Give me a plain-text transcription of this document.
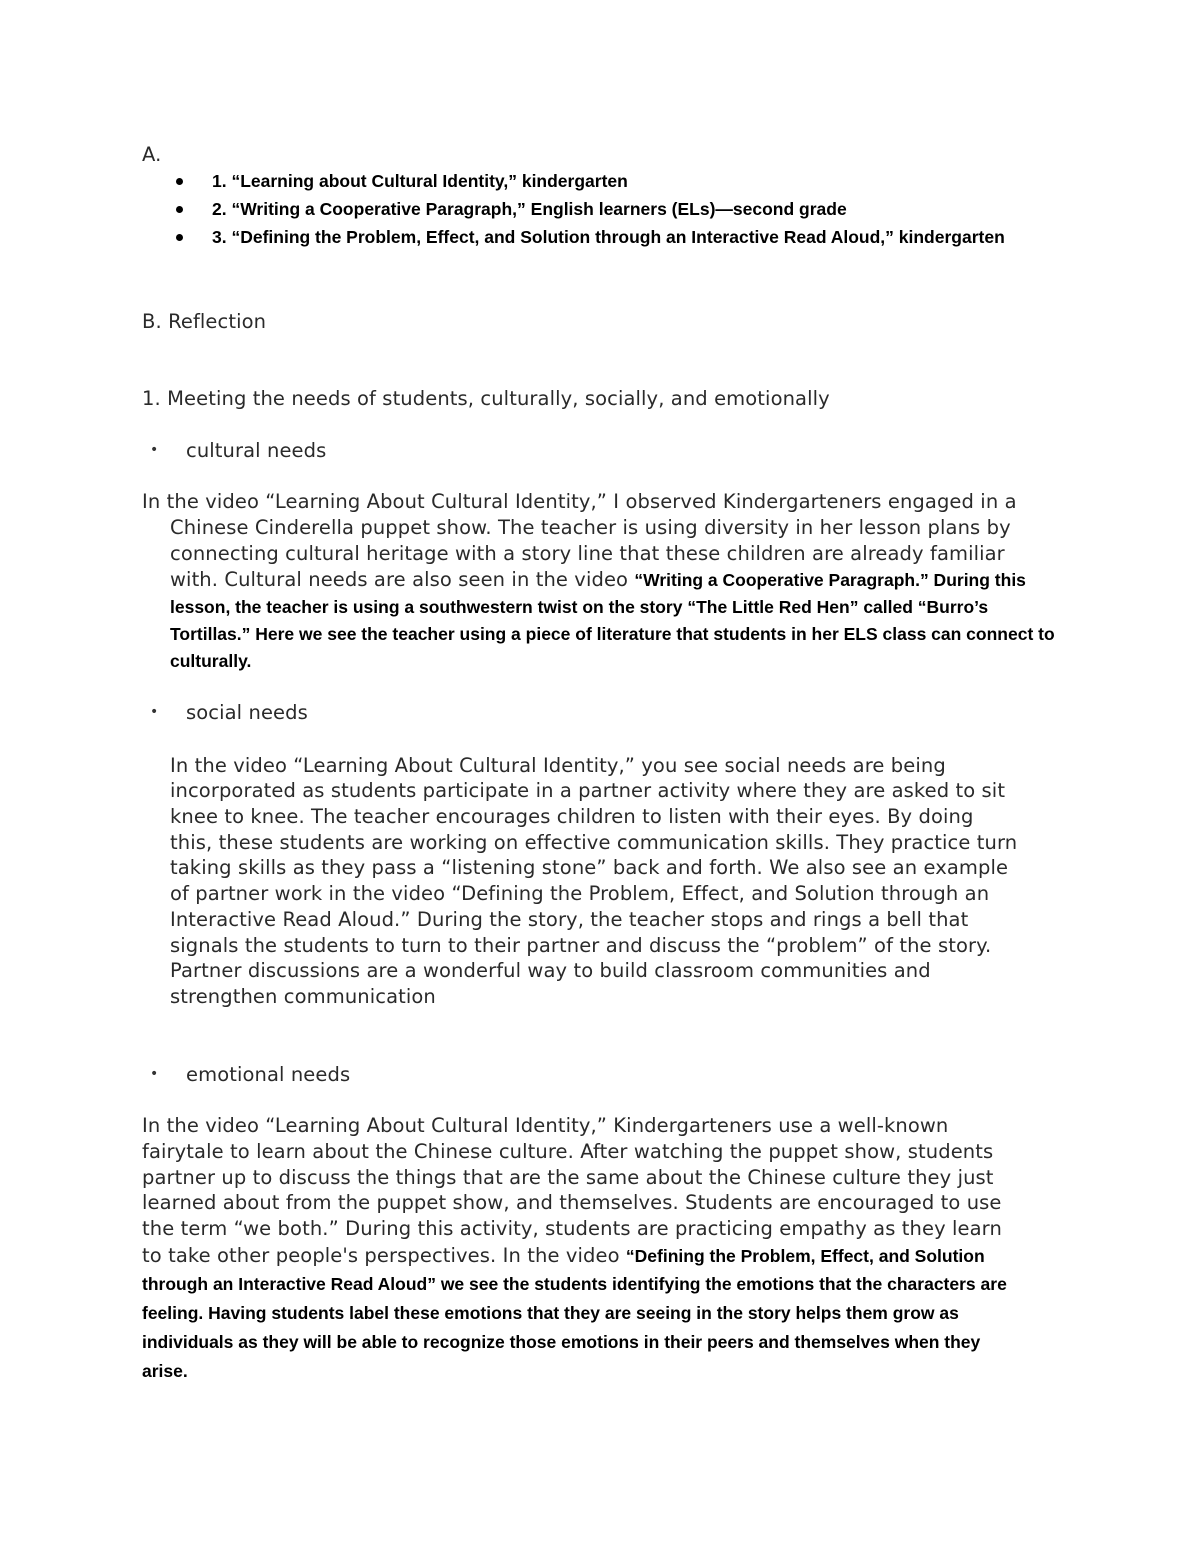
A.
1. “Learning about Cultural Identity,” kindergarten
2. “Writing a Cooperative Paragraph,” English learners (ELs)—second grade
3. “Defining the Problem, Effect, and Solution through an Interactive Read Aloud,” kindergarten
B. Reflection
1. Meeting the needs of students, culturally, socially, and emotionally
• cultural needs
In the video “Learning About Cultural Identity,” I observed Kindergarteners engaged in a
Chinese Cinderella puppet show. The teacher is using diversity in her lesson plans by
connecting cultural heritage with a story line that these children are already familiar
with. Cultural needs are also seen in the video “Writing a Cooperative Paragraph.” During this
lesson, the teacher is using a southwestern twist on the story “The Little Red Hen” called “Burro’s
Tortillas.” Here we see the teacher using a piece of literature that students in her ELS class can connect to
culturally.
• social needs
In the video “Learning About Cultural Identity,” you see social needs are being
incorporated as students participate in a partner activity where they are asked to sit
knee to knee. The teacher encourages children to listen with their eyes. By doing
this, these students are working on effective communication skills. They practice turn
taking skills as they pass a “listening stone” back and forth. We also see an example
of partner work in the video “Defining the Problem, Effect, and Solution through an
Interactive Read Aloud.” During the story, the teacher stops and rings a bell that
signals the students to turn to their partner and discuss the “problem” of the story.
Partner discussions are a wonderful way to build classroom communities and
strengthen communication
• emotional needs
In the video “Learning About Cultural Identity,” Kindergarteners use a well-known
fairytale to learn about the Chinese culture. After watching the puppet show, students
partner up to discuss the things that are the same about the Chinese culture they just
learned about from the puppet show, and themselves. Students are encouraged to use
the term “we both.” During this activity, students are practicing empathy as they learn
to take other people's perspectives. In the video “Defining the Problem, Effect, and Solution
through an Interactive Read Aloud” we see the students identifying the emotions that the characters are
feeling. Having students label these emotions that they are seeing in the story helps them grow as
individuals as they will be able to recognize those emotions in their peers and themselves when they
arise.
